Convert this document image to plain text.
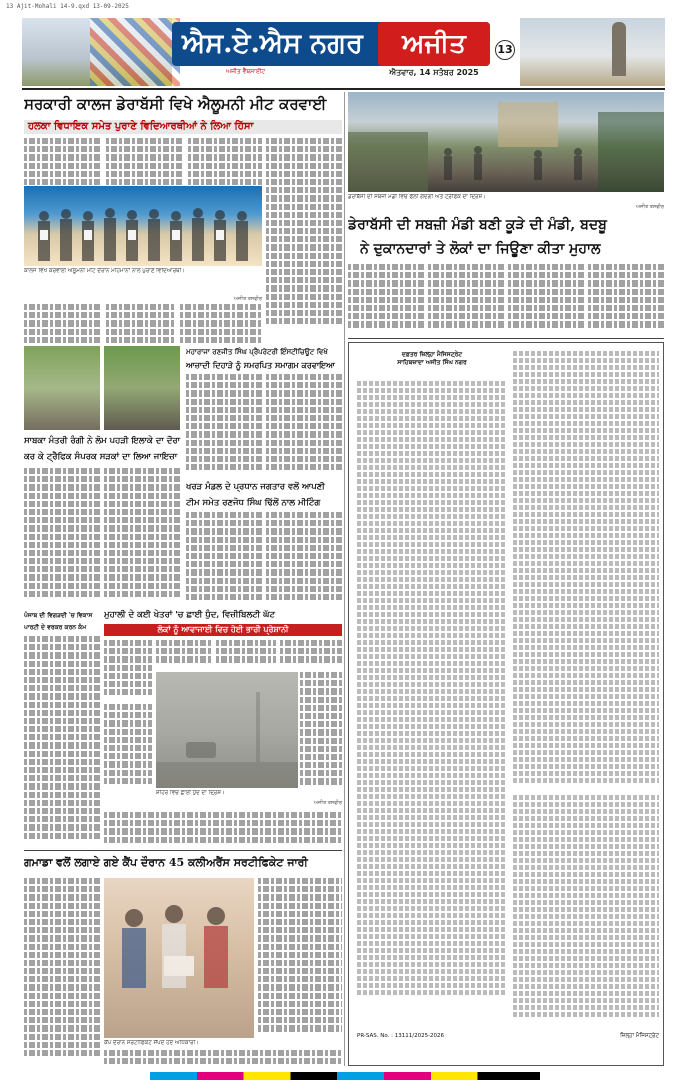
13 Ajit-Mohali 14-9.qxd 13-09-2025
ਐਸ.ਏ.ਐਸ ਨਗਰ	ਅਜੀਤ	13
ਐਤਵਾਰ, 14 ਸਤੰਬਰ 2025
ਅਜੀਤ ਵੈੱਬਸਾਈਟ
ਸਰਕਾਰੀ ਕਾਲਜ ਡੇਰਾਬੱਸੀ ਵਿਖੇ ਐਲੂਮਨੀ ਮੀਟ ਕਰਵਾਈ
ਹਲਕਾ ਵਿਧਾਇਕ ਸਮੇਤ ਪੁਰਾਣੇ ਵਿਦਿਆਰਥੀਆਂ ਨੇ ਲਿਆ ਹਿੱਸਾ
ਕਾਲਜ ਵਿਖੇ ਕਰਵਾਈ ਐਲੂਮਨੀ ਮੀਟ ਦੌਰਾਨ ਮਹਿਮਾਨਾਂ ਨਾਲ ਪੁਰਾਣੇ ਵਿਦਿਆਰਥੀ।
ਅਜੀਤ ਤਸਵੀਰ
ਡੇਰਾਬੱਸੀ ਦੀ ਸਬਜ਼ੀ ਮੰਡੀ ਵਿਚ ਫੈਲੀ ਗੰਦਗੀ ਅਤੇ ਟ੍ਰੈਫਿਕ ਦਾ ਦ੍ਰਿਸ਼।
ਅਜੀਤ ਤਸਵੀਰ
ਡੇਰਾਬੱਸੀ ਦੀ ਸਬਜ਼ੀ ਮੰਡੀ ਬਣੀ ਕੂੜੇ ਦੀ ਮੰਡੀ, ਬਦਬੂ
ਨੇ ਦੁਕਾਨਦਾਰਾਂ ਤੇ ਲੋਕਾਂ ਦਾ ਜਿਊਣਾ ਕੀਤਾ ਮੁਹਾਲ
ਸਾਬਕਾ ਮੰਤਰੀ ਰੰਗੀ ਨੇ ਲੋਮ ਪਹੜੀ ਇਲਾਕੇ ਦਾ ਦੌਰਾ
ਕਰ ਕੇ ਟ੍ਰੈਫਿਕ ਸੰਪਰਕ ਸੜਕਾਂ ਦਾ ਲਿਆ ਜਾਇਜ਼ਾ
ਮਹਾਰਾਜਾ ਰਣਜੀਤ ਸਿੰਘ ਪ੍ਰੈਪਰੇਟਰੀ ਇੰਸਟੀਚਿਊਟ ਵਿਖੇ
ਆਜ਼ਾਦੀ ਦਿਹਾੜੇ ਨੂੰ ਸਮਰਪਿਤ ਸਮਾਗਮ ਕਰਵਾਇਆ
ਖਰੜ ਮੰਡਲ ਦੇ ਪ੍ਰਧਾਨ ਜਗਤਾਰ ਵਲੋਂ ਆਪਣੀ
ਟੀਮ ਸਮੇਤ ਰਣਜੋਧ ਸਿੰਘ ਢਿੱਲੋਂ ਨਾਲ ਮੀਟਿੰਗ
ਪੰਜਾਬ ਦੀ ਵਿਗੜਦੀ 'ਚ ਵਿਕਾਸ
ਪਾਰਟੀ ਦੇ ਵਰਕਰ ਕਰਨ ਕੰਮ
ਮੁਹਾਲੀ ਦੇ ਕਈ ਖੇਤਰਾਂ 'ਚ ਛਾਈ ਧੁੰਦ, ਵਿਜ਼ੀਬਿਲਟੀ ਘੱਟ
ਲੋਕਾਂ ਨੂੰ ਆਵਾਜਾਈ ਵਿਚ ਹੋਈ ਭਾਰੀ ਪ੍ਰੇਸ਼ਾਨੀ
ਸ਼ਹਿਰ ਵਿਚ ਛਾਈ ਧੁੰਦ ਦਾ ਦ੍ਰਿਸ਼।
ਅਜੀਤ ਤਸਵੀਰ
ਗਮਾਡਾ ਵਲੋਂ ਲਗਾਏ ਗਏ ਕੈਂਪ ਦੌਰਾਨ 45 ਕਲੀਅਰੈਂਸ ਸਰਟੀਫਿਕੇਟ ਜਾਰੀ
ਕੈਂਪ ਦੌਰਾਨ ਸਰਟੀਫਿਕੇਟ ਸੌਂਪਦੇ ਹੋਏ ਅਧਿਕਾਰੀ।
ਦਫ਼ਤਰ ਜ਼ਿਲ੍ਹਾ ਮੈਜਿਸਟ੍ਰੇਟ
ਸਾਹਿਬਜ਼ਾਦਾ ਅਜੀਤ ਸਿੰਘ ਨਗਰ
PR-SAS. No. : 13111/2025-2026	ਜ਼ਿਲ੍ਹਾ ਮੈਜਿਸਟ੍ਰੇਟ
